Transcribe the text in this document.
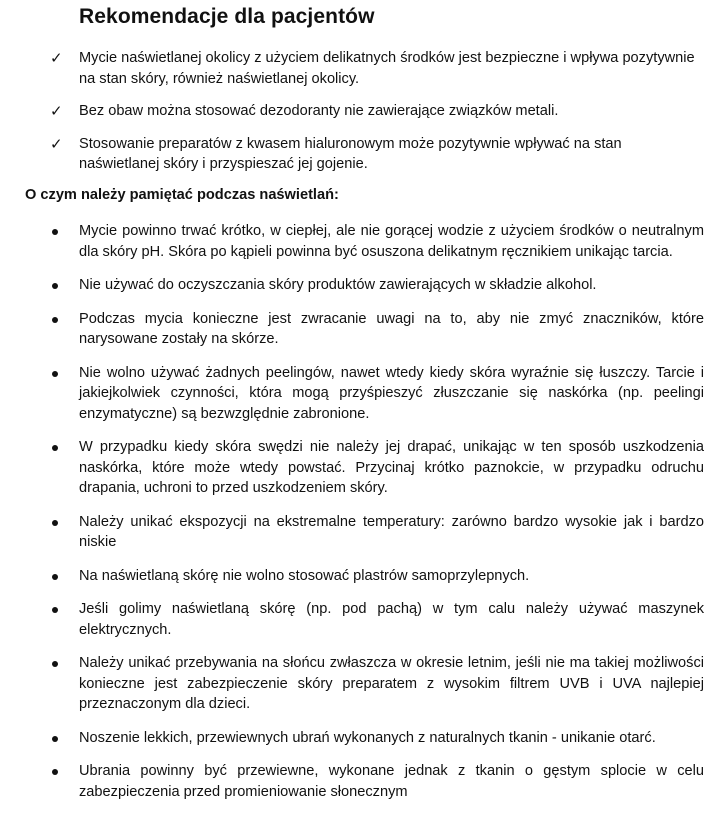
Rekomendacje dla pacjentów
✓ Mycie naświetlanej okolicy z użyciem delikatnych środków jest bezpieczne i wpływa pozytywnie na stan skóry, również naświetlanej okolicy.
✓ Bez obaw można stosować dezodoranty nie zawierające związków metali.
✓ Stosowanie preparatów z kwasem hialuronowym może pozytywnie wpływać na stan naświetlanej skóry i przyspieszać jej gojenie.
O czym należy pamiętać podczas naświetlań:
Mycie powinno trwać krótko, w ciepłej, ale nie gorącej wodzie z użyciem środków o neutralnym dla skóry pH. Skóra po kąpieli powinna być osuszona delikatnym ręcznikiem unikając tarcia.
Nie używać do oczyszczania skóry produktów zawierających w składzie alkohol.
Podczas mycia konieczne jest zwracanie uwagi na to, aby nie zmyć znaczników, które narysowane zostały na skórze.
Nie wolno używać żadnych peelingów, nawet wtedy kiedy skóra wyraźnie się łuszczy. Tarcie i jakiejkolwiek czynności, która mogą przyśpieszyć złuszczanie się naskórka (np. peelingi enzymatyczne) są bezwzględnie zabronione.
W przypadku kiedy skóra swędzi nie należy jej drapać, unikając w ten sposób uszkodzenia naskórka, które może wtedy powstać. Przycinaj krótko paznokcie, w przypadku odruchu drapania, uchroni to przed uszkodzeniem skóry.
Należy unikać ekspozycji na ekstremalne temperatury: zarówno bardzo wysokie jak i bardzo niskie
Na naświetlaną skórę nie wolno stosować plastrów samoprzylepnych.
Jeśli golimy naświetlaną skórę (np. pod pachą) w tym calu należy używać maszynek elektrycznych.
Należy unikać przebywania na słońcu zwłaszcza w okresie letnim, jeśli nie ma takiej możliwości konieczne jest zabezpieczenie skóry preparatem z wysokim filtrem UVB i UVA najlepiej przeznaczonym dla dzieci.
Noszenie lekkich, przewiewnych ubrań wykonanych z naturalnych tkanin - unikanie otarć.
Ubrania powinny być przewiewne, wykonane jednak z tkanin o gęstym splocie w celu zabezpieczenia przed promieniowanie słonecznym
